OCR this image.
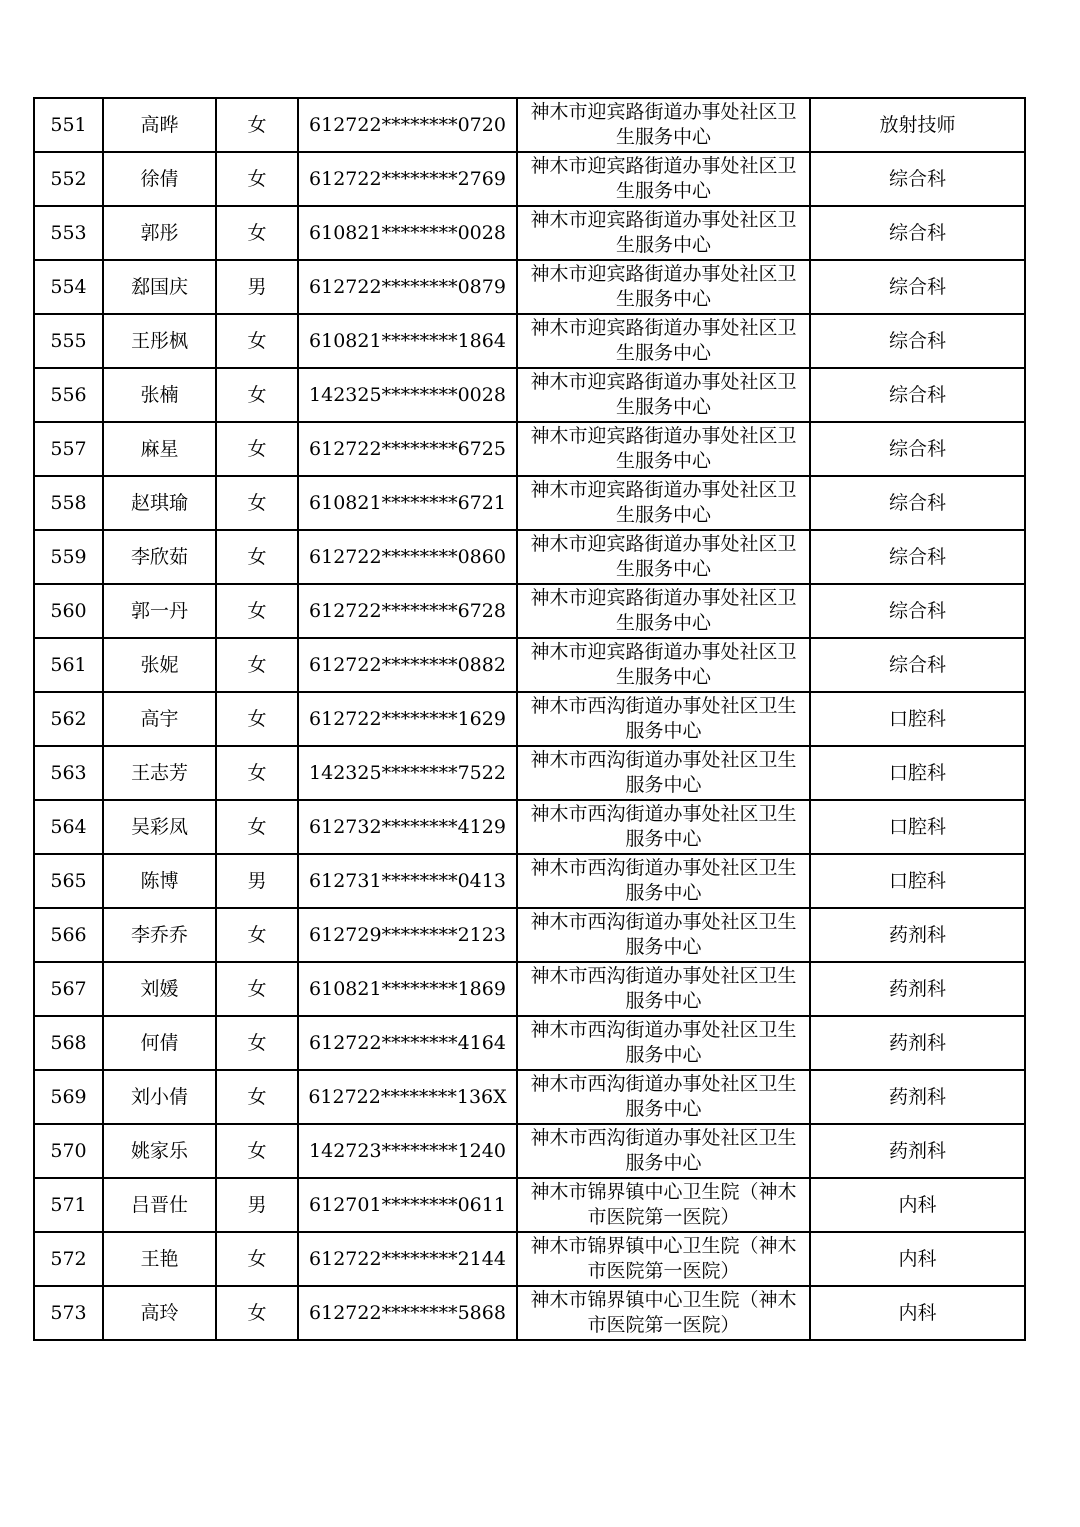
551	高晔	女	612722********0720	神木市迎宾路街道办事处社区卫生服务中心	放射技师
552	徐倩	女	612722********2769	神木市迎宾路街道办事处社区卫生服务中心	综合科
553	郭彤	女	610821********0028	神木市迎宾路街道办事处社区卫生服务中心	综合科
554	郄国庆	男	612722********0879	神木市迎宾路街道办事处社区卫生服务中心	综合科
555	王彤枫	女	610821********1864	神木市迎宾路街道办事处社区卫生服务中心	综合科
556	张楠	女	142325********0028	神木市迎宾路街道办事处社区卫生服务中心	综合科
557	麻星	女	612722********6725	神木市迎宾路街道办事处社区卫生服务中心	综合科
558	赵琪瑜	女	610821********6721	神木市迎宾路街道办事处社区卫生服务中心	综合科
559	李欣茹	女	612722********0860	神木市迎宾路街道办事处社区卫生服务中心	综合科
560	郭一丹	女	612722********6728	神木市迎宾路街道办事处社区卫生服务中心	综合科
561	张妮	女	612722********0882	神木市迎宾路街道办事处社区卫生服务中心	综合科
562	高宇	女	612722********1629	神木市西沟街道办事处社区卫生服务中心	口腔科
563	王志芳	女	142325********7522	神木市西沟街道办事处社区卫生服务中心	口腔科
564	吴彩凤	女	612732********4129	神木市西沟街道办事处社区卫生服务中心	口腔科
565	陈博	男	612731********0413	神木市西沟街道办事处社区卫生服务中心	口腔科
566	李乔乔	女	612729********2123	神木市西沟街道办事处社区卫生服务中心	药剂科
567	刘媛	女	610821********1869	神木市西沟街道办事处社区卫生服务中心	药剂科
568	何倩	女	612722********4164	神木市西沟街道办事处社区卫生服务中心	药剂科
569	刘小倩	女	612722********136X	神木市西沟街道办事处社区卫生服务中心	药剂科
570	姚家乐	女	142723********1240	神木市西沟街道办事处社区卫生服务中心	药剂科
571	吕晋仕	男	612701********0611	神木市锦界镇中心卫生院（神木市医院第一医院）	内科
572	王艳	女	612722********2144	神木市锦界镇中心卫生院（神木市医院第一医院）	内科
573	高玲	女	612722********5868	神木市锦界镇中心卫生院（神木市医院第一医院）	内科
